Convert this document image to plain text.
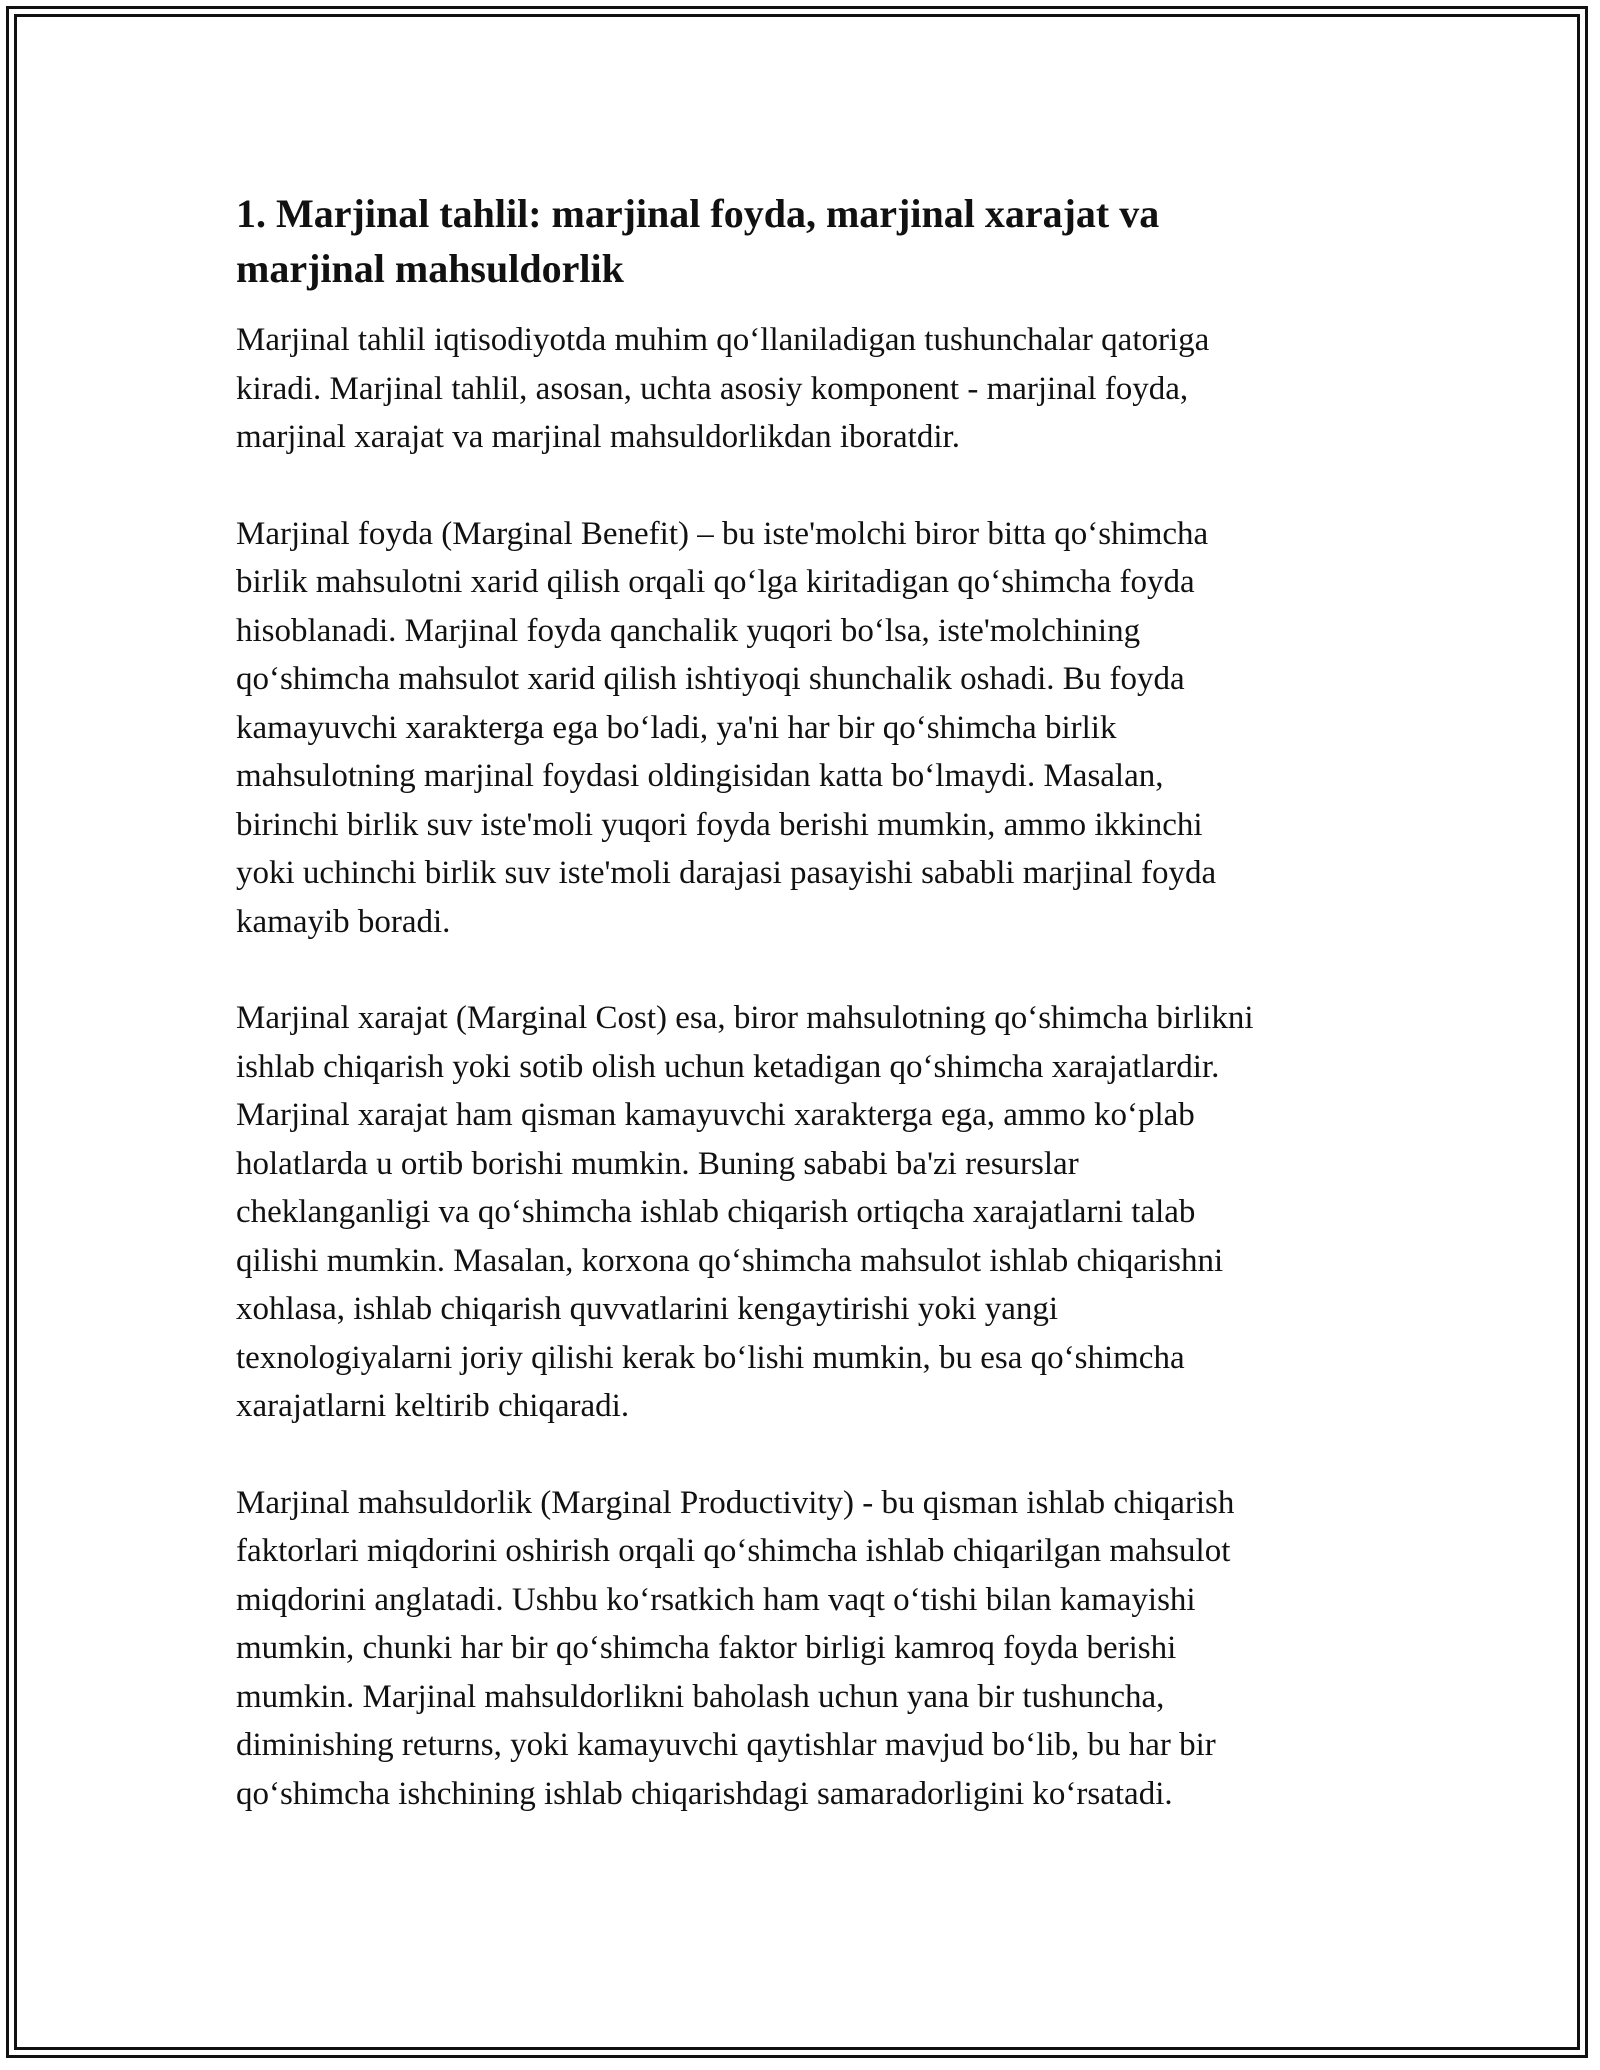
1. Marjinal tahlil: marjinal foyda, marjinal xarajat va
marjinal mahsuldorlik

Marjinal tahlil iqtisodiyotda muhim qo‘llaniladigan tushunchalar qatoriga
kiradi. Marjinal tahlil, asosan, uchta asosiy komponent - marjinal foyda,
marjinal xarajat va marjinal mahsuldorlikdan iboratdir.

Marjinal foyda (Marginal Benefit) – bu iste'molchi biror bitta qo‘shimcha
birlik mahsulotni xarid qilish orqali qo‘lga kiritadigan qo‘shimcha foyda
hisoblanadi. Marjinal foyda qanchalik yuqori bo‘lsa, iste'molchining
qo‘shimcha mahsulot xarid qilish ishtiyoqi shunchalik oshadi. Bu foyda
kamayuvchi xarakterga ega bo‘ladi, ya'ni har bir qo‘shimcha birlik
mahsulotning marjinal foydasi oldingisidan katta bo‘lmaydi. Masalan,
birinchi birlik suv iste'moli yuqori foyda berishi mumkin, ammo ikkinchi
yoki uchinchi birlik suv iste'moli darajasi pasayishi sababli marjinal foyda
kamayib boradi.

Marjinal xarajat (Marginal Cost) esa, biror mahsulotning qo‘shimcha birlikni
ishlab chiqarish yoki sotib olish uchun ketadigan qo‘shimcha xarajatlardir.
Marjinal xarajat ham qisman kamayuvchi xarakterga ega, ammo ko‘plab
holatlarda u ortib borishi mumkin. Buning sababi ba'zi resurslar
cheklanganligi va qo‘shimcha ishlab chiqarish ortiqcha xarajatlarni talab
qilishi mumkin. Masalan, korxona qo‘shimcha mahsulot ishlab chiqarishni
xohlasa, ishlab chiqarish quvvatlarini kengaytirishi yoki yangi
texnologiyalarni joriy qilishi kerak bo‘lishi mumkin, bu esa qo‘shimcha
xarajatlarni keltirib chiqaradi.

Marjinal mahsuldorlik (Marginal Productivity) - bu qisman ishlab chiqarish
faktorlari miqdorini oshirish orqali qo‘shimcha ishlab chiqarilgan mahsulot
miqdorini anglatadi. Ushbu ko‘rsatkich ham vaqt o‘tishi bilan kamayishi
mumkin, chunki har bir qo‘shimcha faktor birligi kamroq foyda berishi
mumkin. Marjinal mahsuldorlikni baholash uchun yana bir tushuncha,
diminishing returns, yoki kamayuvchi qaytishlar mavjud bo‘lib, bu har bir
qo‘shimcha ishchining ishlab chiqarishdagi samaradorligini ko‘rsatadi.
